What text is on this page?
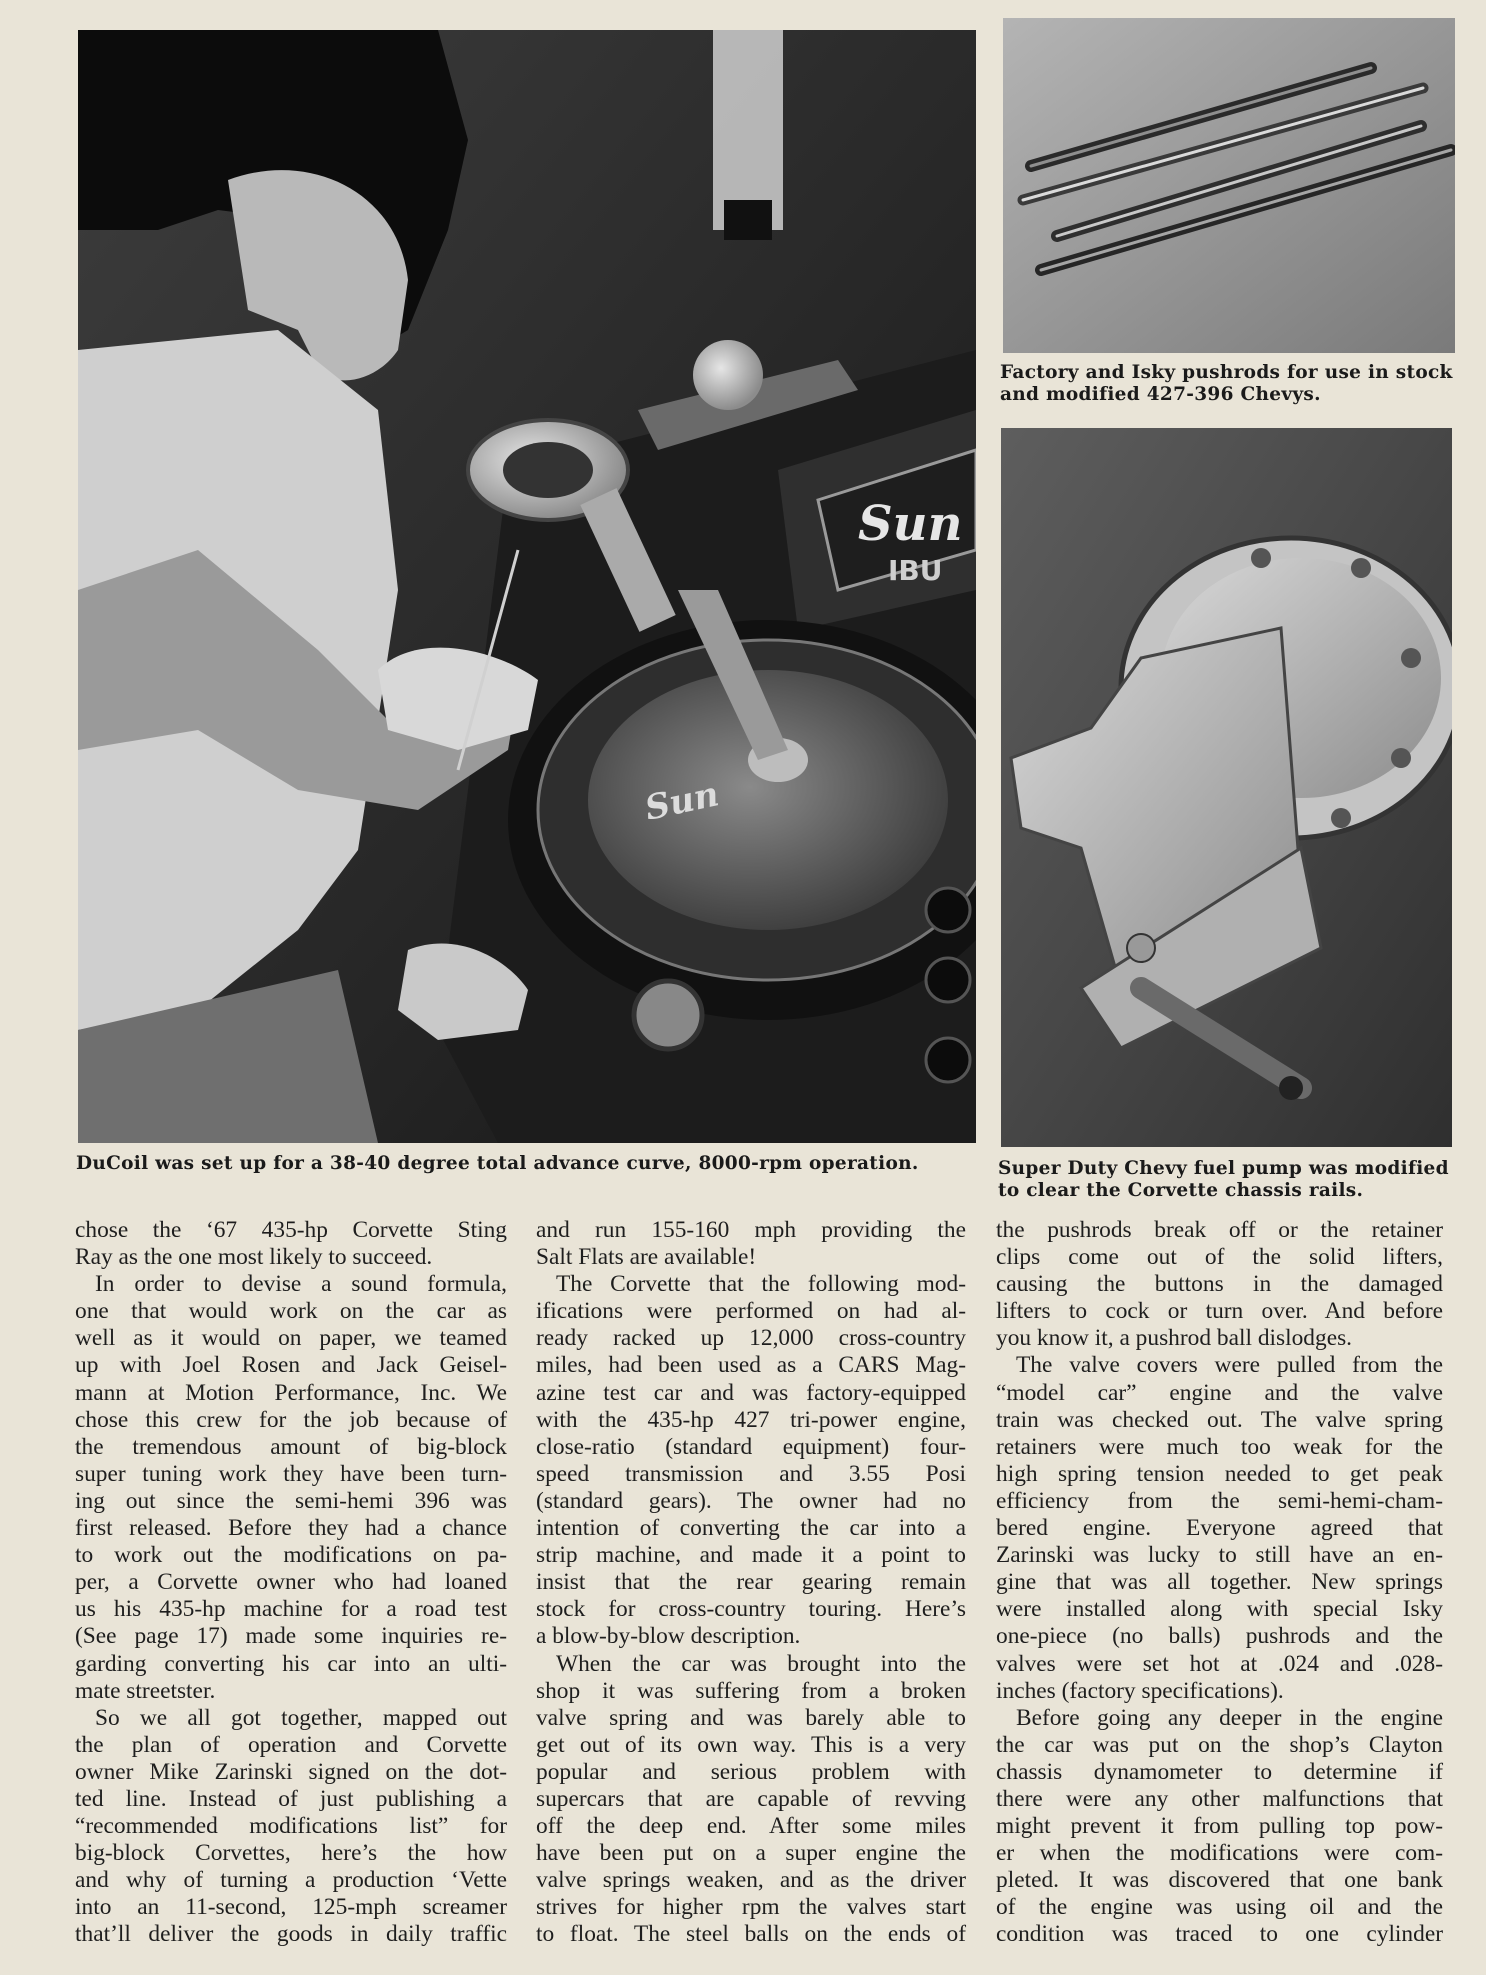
Sun
IBU
Sun
DuCoil was set up for a 38-40 degree total advance curve, 8000-rpm operation.
Factory and Isky pushrods for use in stock and modified 427-396 Chevys.
Super Duty Chevy fuel pump was modified to clear the Corvette chassis rails.
chose the ‘67 435-hp Corvette Sting
Ray as the one most likely to succeed.
In order to devise a sound formula,
one that would work on the car as
well as it would on paper, we teamed
up with Joel Rosen and Jack Geisel-
mann at Motion Performance, Inc. We
chose this crew for the job because of
the tremendous amount of big-block
super tuning work they have been turn-
ing out since the semi-hemi 396 was
first released. Before they had a chance
to work out the modifications on pa-
per, a Corvette owner who had loaned
us his 435-hp machine for a road test
(See page 17) made some inquiries re-
garding converting his car into an ulti-
mate streetster.
So we all got together, mapped out
the plan of operation and Corvette
owner Mike Zarinski signed on the dot-
ted line. Instead of just publishing a
“recommended modifications list” for
big-block Corvettes, here’s the how
and why of turning a production ‘Vette
into an 11-second, 125-mph screamer
that’ll deliver the goods in daily traffic
and run 155-160 mph providing the
Salt Flats are available!
The Corvette that the following mod-
ifications were performed on had al-
ready racked up 12,000 cross-country
miles, had been used as a CARS Mag-
azine test car and was factory-equipped
with the 435-hp 427 tri-power engine,
close-ratio (standard equipment) four-
speed transmission and 3.55 Posi
(standard gears). The owner had no
intention of converting the car into a
strip machine, and made it a point to
insist that the rear gearing remain
stock for cross-country touring. Here’s
a blow-by-blow description.
When the car was brought into the
shop it was suffering from a broken
valve spring and was barely able to
get out of its own way. This is a very
popular and serious problem with
supercars that are capable of revving
off the deep end. After some miles
have been put on a super engine the
valve springs weaken, and as the driver
strives for higher rpm the valves start
to float. The steel balls on the ends of
the pushrods break off or the retainer
clips come out of the solid lifters,
causing the buttons in the damaged
lifters to cock or turn over. And before
you know it, a pushrod ball dislodges.
The valve covers were pulled from the
“model car” engine and the valve
train was checked out. The valve spring
retainers were much too weak for the
high spring tension needed to get peak
efficiency from the semi-hemi-cham-
bered engine. Everyone agreed that
Zarinski was lucky to still have an en-
gine that was all together. New springs
were installed along with special Isky
one-piece (no balls) pushrods and the
valves were set hot at .024 and .028-
inches (factory specifications).
Before going any deeper in the engine
the car was put on the shop’s Clayton
chassis dynamometer to determine if
there were any other malfunctions that
might prevent it from pulling top pow-
er when the modifications were com-
pleted. It was discovered that one bank
of the engine was using oil and the
condition was traced to one cylinder
